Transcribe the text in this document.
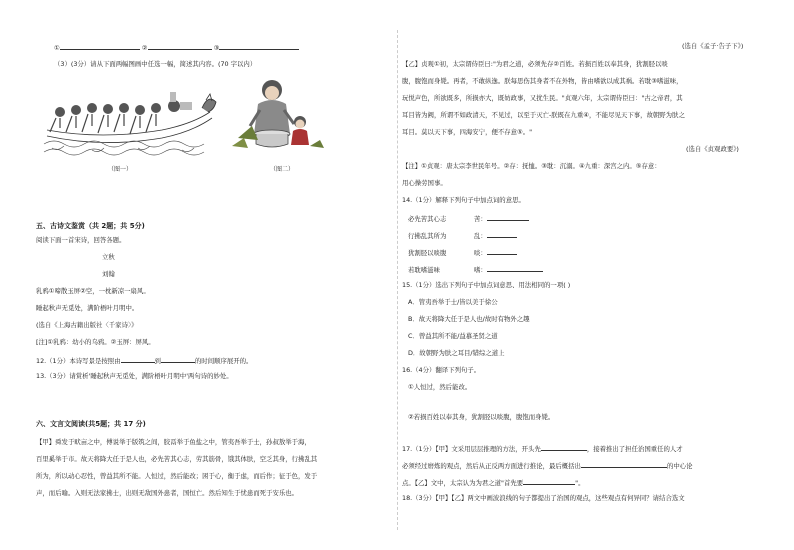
①	②	③
（3）(3分）请从下面两幅图画中任选一幅，简述其内容。(70 字以内）
（图一）	（图二）
五、古诗文鉴赏（共 2题；共 5分)
阅读下面一首宋诗，回答各题。
立秋
刘翰
乳鸦①啼散玉屏②空，一枕新凉一扇风。
睡起秋声无觅处，满阶梧叶月明中。
(选自《上海古籍出版社〈千家诗〉》
[注]①乳鸦：幼小的乌鸦。②玉屏：屏风。
12.（1分）本诗写景是按照由	到	的时间顺序展开的。
13.（3分）请赏析'睡起秋声无觅处，满阶梧叶月明中'两句诗的妙处。
六、文言文阅读(共5题；共 17 分)
【甲】舜发于畎亩之中，傅说举于版筑之间，胶鬲举于鱼盐之中，管夷吾举于士，孙叔敖举于海，
百里奚举于市。故天将降大任于是人也，必先苦其心志，劳其筋骨，饿其体肤，空乏其身，行拂乱其
所为，所以动心忍性，曾益其所不能。人恒过，然后能改；困于心，衡于虑，而后作；征于色，发于
声，而后喻。入则无法家拂士，出则无敌国外患者，国恒亡。然后知生于忧患而死于安乐也。
(选自《孟子·告子下》)
【乙】贞观①初，太宗谓侍臣曰:"为君之道，必须先存②百姓。若损百姓以奉其身，犹割胫以啖
腹，腹饱而身毙。再者，不敢纵逸。朕每思伤其身者不在外物，皆由嗜欲以成其祸。若耽③嗜滋味，
玩悦声色，所欲既多，所损亦大，既妨政事，又扰生民。"贞观六年，太宗谓侍臣曰："古之帝君，其
耳目皆为阙，所谓不如政清天，不见过，以至于灭亡-朕既在九重④，不能尽见天下事，故朝野为肤之
耳目。莫以天下事，四海安宁，便不存意⑤。"
(选自《贞观政要》)
【注】①贞观：唐太宗李世民年号。②存：抚恤。③耽：沉溺。④九重：深宫之内。⑤存意：
用心操劳国事。
14.（1分）解释下列句子中加点词的意思。
必先苦其心志	苦：
行拂乱其所为	乱：
犹割胫以啖腹	啖：
若耽嗜滋味	嗜：
15.（1分）选出下列句子中加点词意思、用法相同的一项( )
A．管夷吾举于士/皆以美于徐公
B．故天将降大任于是人也/故时有物外之趣
C．曾益其所不能/益慕圣贤之道
D．故朝野为肤之耳目/错综之道上
16.（4分）翻译下列句子。
①人恒过，然后能改。
②若损百姓以奉其身，犹割胫以啖腹，腹饱而身毙。
17.（1分）【甲】文采用层层推理的方法，开头先	，接着推出了担任治国重任的人才
必须经过磨炼的观点，然后从正反两方面进行推论，最后概括出	的中心论
点。【乙】文中，太宗认为为君之道"首先要	"。
18.（3分）【甲】【乙】两文中画波浪线的句子都提出了治国的观点，这些观点有何异同？请结合选文
